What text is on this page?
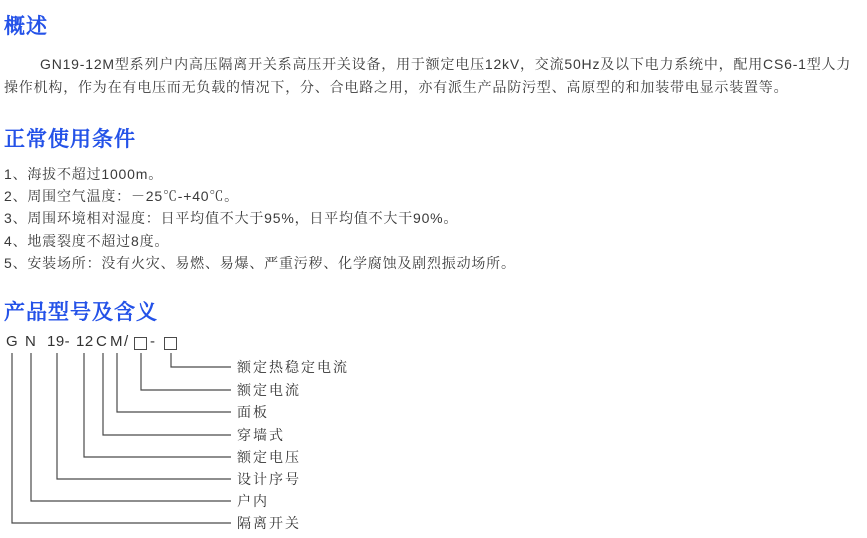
概述
GN19-12M型系列户内高压隔离开关系高压开关设备，用于额定电压12kV，交流50Hz及以下电力系统中，配用CS6-1型人力
操作机构，作为在有电压而无负载的情况下，分、合电路之用，亦有派生产品防污型、高原型的和加装带电显示装置等。
正常使用条件
1、海拔不超过1000m。
2、周围空气温度：－25℃-+40℃。
3、周围环境相对湿度：日平均值不大于95%，日平均值不大干90%。
4、地震裂度不超过8度。
5、安装场所：没有火灾、易燃、易爆、严重污秽、化学腐蚀及剧烈振动场所。
产品型号及含义
G N 19- 12 C M / -
额定热稳定电流
额定电流
面板
穿墙式
额定电压
设计序号
户内
隔离开关
